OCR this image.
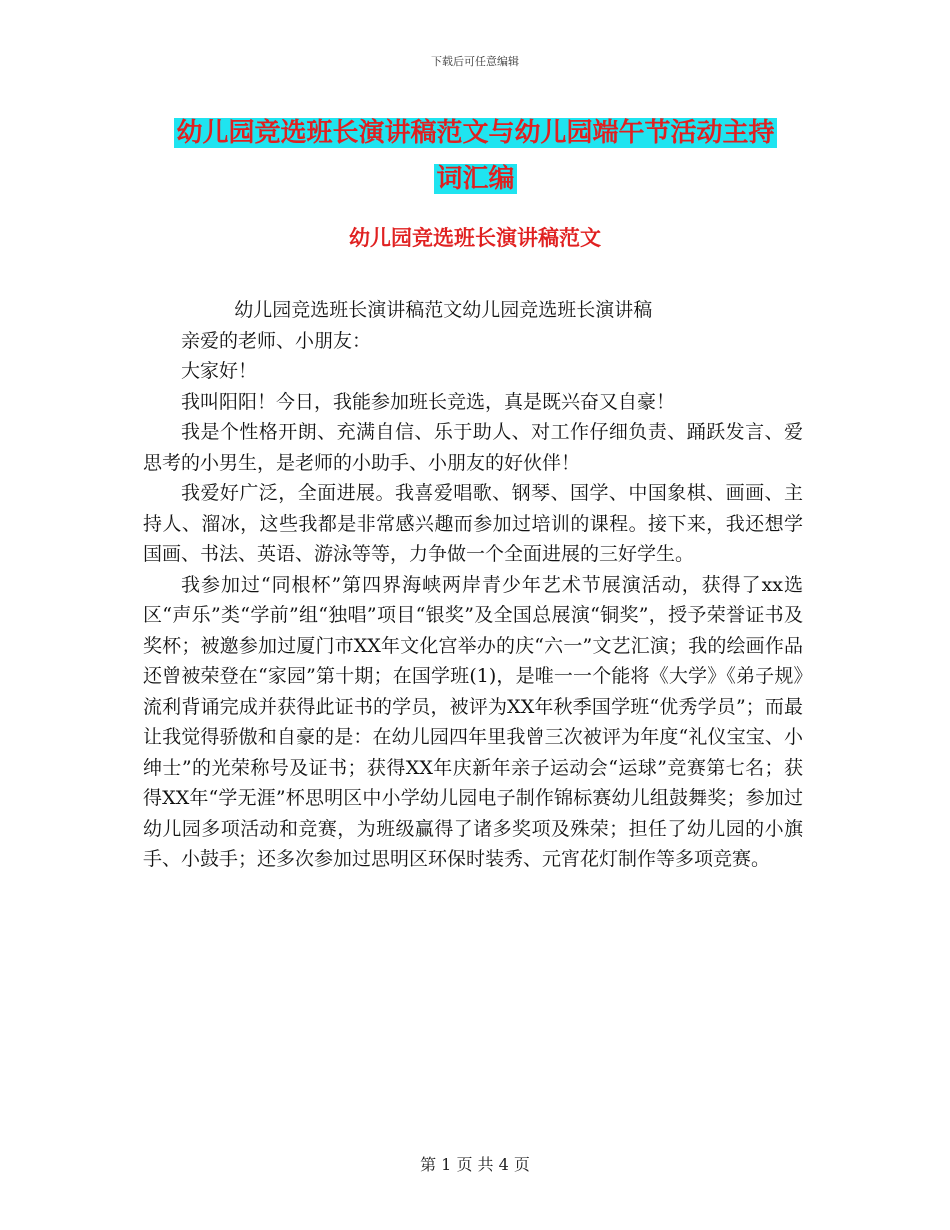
下载后可任意编辑
幼儿园竞选班长演讲稿范文与幼儿园端午节活动主持
词汇编
幼儿园竞选班长演讲稿范文

幼儿园竞选班长演讲稿范文幼儿园竞选班长演讲稿

亲爱的老师、小朋友：

大家好！

我叫阳阳！今日，我能参加班长竞选，真是既兴奋又自豪！

我是个性格开朗、充满自信、乐于助人、对工作仔细负责、踊跃发言、爱思考的小男生，是老师的小助手、小朋友的好伙伴！

我爱好广泛，全面进展。我喜爱唱歌、钢琴、国学、中国象棋、画画、主持人、溜冰，这些我都是非常感兴趣而参加过培训的课程。接下来，我还想学国画、书法、英语、游泳等等，力争做一个全面进展的三好学生。

我参加过“同根杯”第四界海峡两岸青少年艺术节展演活动，获得了xx选区“声乐”类“学前”组“独唱”项目“银奖”及全国总展演“铜奖”，授予荣誉证书及奖杯；被邀参加过厦门市XX年文化宫举办的庆“六一”文艺汇演；我的绘画作品还曾被荣登在“家园”第十期；在国学班(1)，是唯一一个能将《大学》《弟子规》流利背诵完成并获得此证书的学员，被评为XX年秋季国学班“优秀学员”；而最让我觉得骄傲和自豪的是：在幼儿园四年里我曾三次被评为年度“礼仪宝宝、小绅士”的光荣称号及证书；获得XX年庆新年亲子运动会“运球”竞赛第七名；获得XX年“学无涯”杯思明区中小学幼儿园电子制作锦标赛幼儿组鼓舞奖；参加过幼儿园多项活动和竞赛，为班级赢得了诸多奖项及殊荣；担任了幼儿园的小旗手、小鼓手；还多次参加过思明区环保时装秀、元宵花灯制作等多项竞赛。

第 1 页 共 4 页
